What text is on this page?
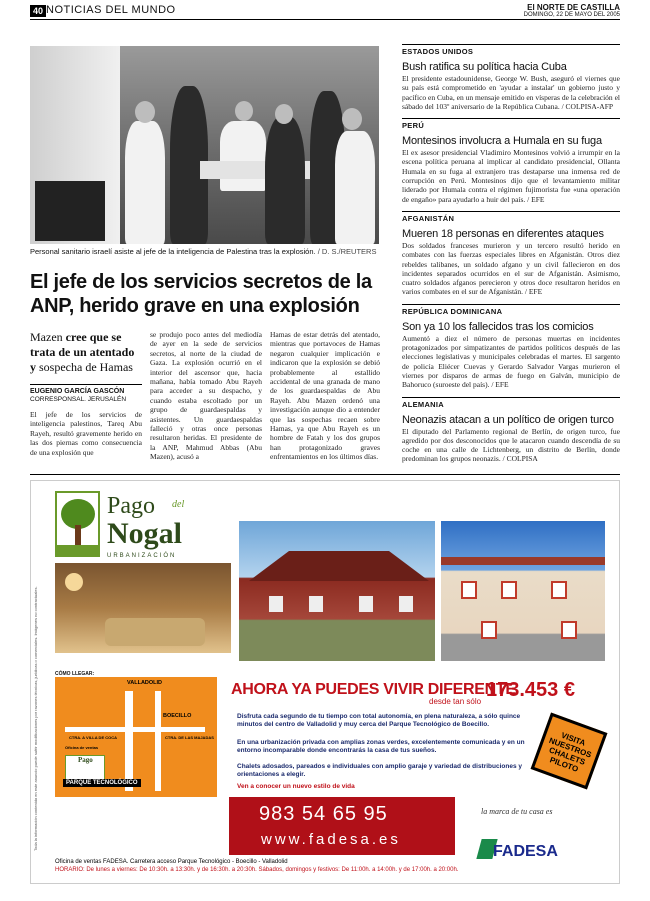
40 NOTICIAS DEL MUNDO	El NORTE DE CASTILLA
DOMINGO, 22 DE MAYO DEL 2005
Personal sanitario israelí asiste al jefe de la inteligencia de Palestina tras la explosión. / D. S./REUTERS
El jefe de los servicios secretos de la ANP, herido grave en una explosión
Mazen cree que se trata de un atentado y sospecha de Hamas
EUGENIO GARCÍA GASCÓN
CORRESPONSAL. JERUSALÉN
El jefe de los servicios de inteligencia palestinos, Tareq Abu Rayeh, resultó gravemente herido en las dos piernas como consecuencia de una explosión que
se produjo poco antes del mediodía de ayer en la sede de servicios secretos, al norte de la ciudad de Gaza. La explosión ocurrió en el interior del ascensor que, hacia mañana, había tomado Abu Rayeh para acceder a su despacho, y cuando estaba escoltado por un grupo de guardaespaldas y asistentes. Un guardaespaldas falleció y otras once personas resultaron heridas. El presidente de la ANP, Mahmud Abbas (Abu Mazen), acusó a
Hamas de estar detrás del atentado, mientras que portavoces de Hamas negaron cualquier implicación e indicaron que la explosión se debió probablemente al estallido accidental de una granada de mano de los guardaespaldas de Abu Rayeh. Abu Mazen ordenó una investigación aunque dio a entender que las sospechas recaen sobre Hamas, ya que Abu Rayeh es un hombre de Fatah y los dos grupos han protagonizado graves enfrentamientos en los últimos días.
ESTADOS UNIDOS
Bush ratifica su política hacia Cuba
El presidente estadounidense, George W. Bush, aseguró el viernes que su país está comprometido en 'ayudar a instalar' un gobierno justo y pacífico en Cuba, en un mensaje emitido en vísperas de la celebración el sábado del 103º aniversario de la República Cubana. / COLPISA-AFP
PERÚ
Montesinos involucra a Humala en su fuga
El ex asesor presidencial Vladimiro Montesinos volvió a irrumpir en la escena política peruana al implicar al candidato presidencial, Ollanta Humala en su fuga al extranjero tras destaparse una inmensa red de corrupción en Perú. Montesinos dijo que el levantamiento militar liderado por Humala contra el régimen fujimorista fue «una operación de engaño» para ayudarlo a huir del país. / EFE
AFGANISTÁN
Mueren 18 personas en diferentes ataques
Dos soldados franceses murieron y un tercero resultó herido en combates con las fuerzas especiales libres en Afganistán. Otros diez rebeldes talibanes, un soldado afgano y un civil fallecieron en dos incidentes separados ocurridos en el sur de Afganistán. Asimismo, cuatro soldados afganos perecieron y otros doce resultaron heridos en varios combates en el sur de Afganistán. / EFE
REPÚBLICA DOMINICANA
Son ya 10 los fallecidos tras los comicios
Aumentó a diez el número de personas muertas en incidentes protagonizados por simpatizantes de partidos políticos después de las elecciones legislativas y municipales celebradas el martes. El sargento de policía Eliécer Cuevas y Gerardo Salvador Vargas murieron el viernes por disparos de armas de fuego en Galván, municipio de Bahoruco (suroeste del país). / EFE
ALEMANIA
Neonazis atacan a un político de origen turco
El diputado del Parlamento regional de Berlín, de origen turco, fue agredido por dos desconocidos que le atacaron cuando descendía de su coche en una calle de Lichtenberg, un distrito de Berlín, donde predominan los grupos neonazis. / COLPISA
Toda la información contenida en este anuncio puede sufrir modificaciones por razones técnicas, jurídicas o comerciales. Imágenes no contractuales.
Pago del
Nogal
URBANIZACIÓN
CÓMO LLEGAR:
VALLADOLID
BOECILLO
CTRA. A VILLA DE COCA	CTRA. DE LAS MAJADAS
Oficina de ventas
Pago
PARQUE TECNOLÓGICO
AHORA YA PUEDES VIVIR DIFERENTE
desde tan sólo
173.453 €
Disfruta cada segundo de tu tiempo con total autonomía, en plena naturaleza, a sólo quince minutos del centro de Valladolid y muy cerca del Parque Tecnológico de Boecillo.
En una urbanización privada con amplias zonas verdes, excelentemente comunicada y en un entorno incomparable donde encontrarás la casa de tus sueños.
Chalets adosados, pareados e individuales con amplio garaje y variedad de distribuciones y orientaciones a elegir.
Ven a conocer un nuevo estilo de vida
VISITA NUESTROS CHALETS PILOTO
983 54 65 95
www.fadesa.es
la marca de tu casa es
FADESA
Oficina de ventas FADESA. Carretera acceso Parque Tecnológico - Boecillo - Valladolid
HORARIO: De lunes a viernes: De 10:30h. a 13:30h. y de 16:30h. a 20:30h. Sábados, domingos y festivos: De 11:00h. a 14:00h. y de 17:00h. a 20:00h.
